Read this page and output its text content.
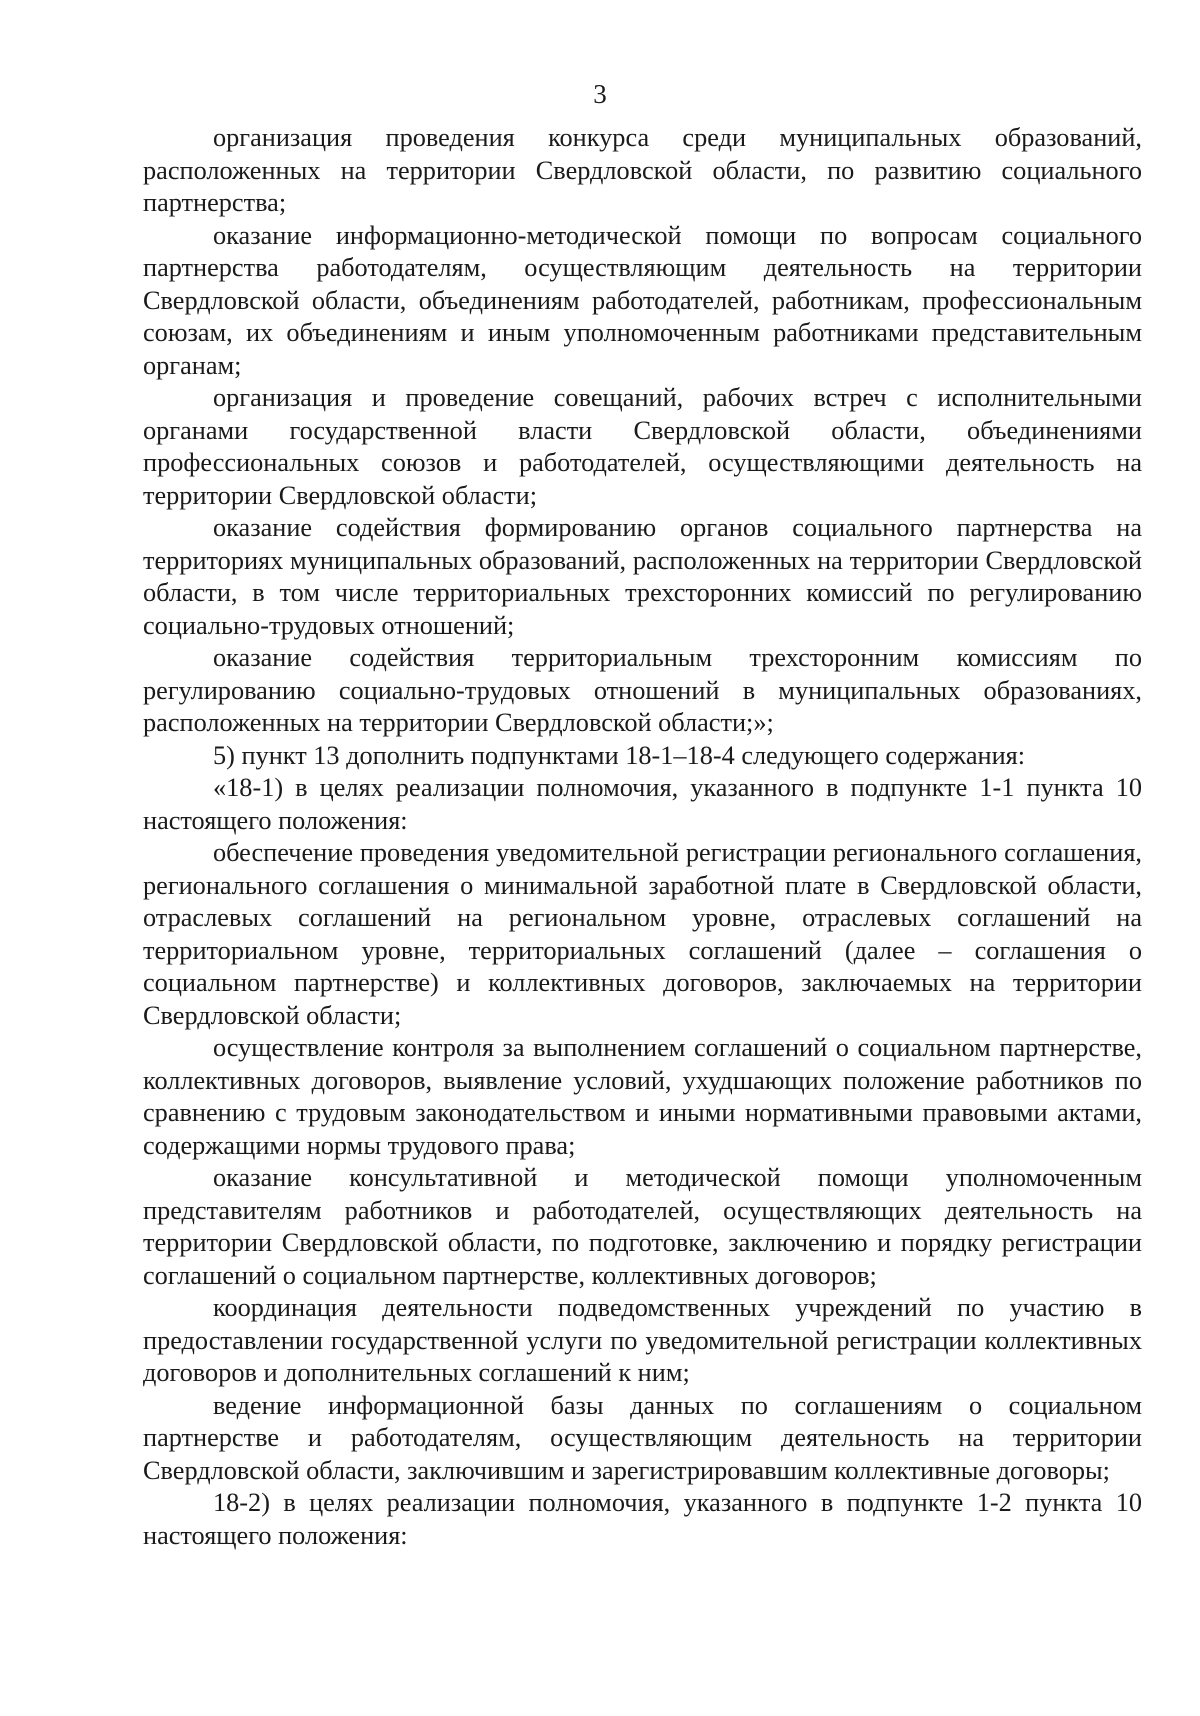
3

организация проведения конкурса среди муниципальных образований, расположенных на территории Свердловской области, по развитию социального партнерства;

оказание информационно-методической помощи по вопросам социального партнерства работодателям, осуществляющим деятельность на территории Свердловской области, объединениям работодателей, работникам, профессиональным союзам, их объединениям и иным уполномоченным работниками представительным органам;

организация и проведение совещаний, рабочих встреч с исполнительными органами государственной власти Свердловской области, объединениями профессиональных союзов и работодателей, осуществляющими деятельность на территории Свердловской области;

оказание содействия формированию органов социального партнерства на территориях муниципальных образований, расположенных на территории Свердловской области, в том числе территориальных трехсторонних комиссий по регулированию социально-трудовых отношений;

оказание содействия территориальным трехсторонним комиссиям по регулированию социально-трудовых отношений в муниципальных образованиях, расположенных на территории Свердловской области;»;

5) пункт 13 дополнить подпунктами 18-1–18-4 следующего содержания:

«18-1) в целях реализации полномочия, указанного в подпункте 1-1 пункта 10 настоящего положения:

обеспечение проведения уведомительной регистрации регионального соглашения, регионального соглашения о минимальной заработной плате в Свердловской области, отраслевых соглашений на региональном уровне, отраслевых соглашений на территориальном уровне, территориальных соглашений (далее – соглашения о социальном партнерстве) и коллективных договоров, заключаемых на территории Свердловской области;

осуществление контроля за выполнением соглашений о социальном партнерстве, коллективных договоров, выявление условий, ухудшающих положение работников по сравнению с трудовым законодательством и иными нормативными правовыми актами, содержащими нормы трудового права;

оказание консультативной и методической помощи уполномоченным представителям работников и работодателей, осуществляющих деятельность на территории Свердловской области, по подготовке, заключению и порядку регистрации соглашений о социальном партнерстве, коллективных договоров;

координация деятельности подведомственных учреждений по участию в предоставлении государственной услуги по уведомительной регистрации коллективных договоров и дополнительных соглашений к ним;

ведение информационной базы данных по соглашениям о социальном партнерстве и работодателям, осуществляющим деятельность на территории Свердловской области, заключившим и зарегистрировавшим коллективные договоры;

18-2) в целях реализации полномочия, указанного в подпункте 1-2 пункта 10 настоящего положения:
